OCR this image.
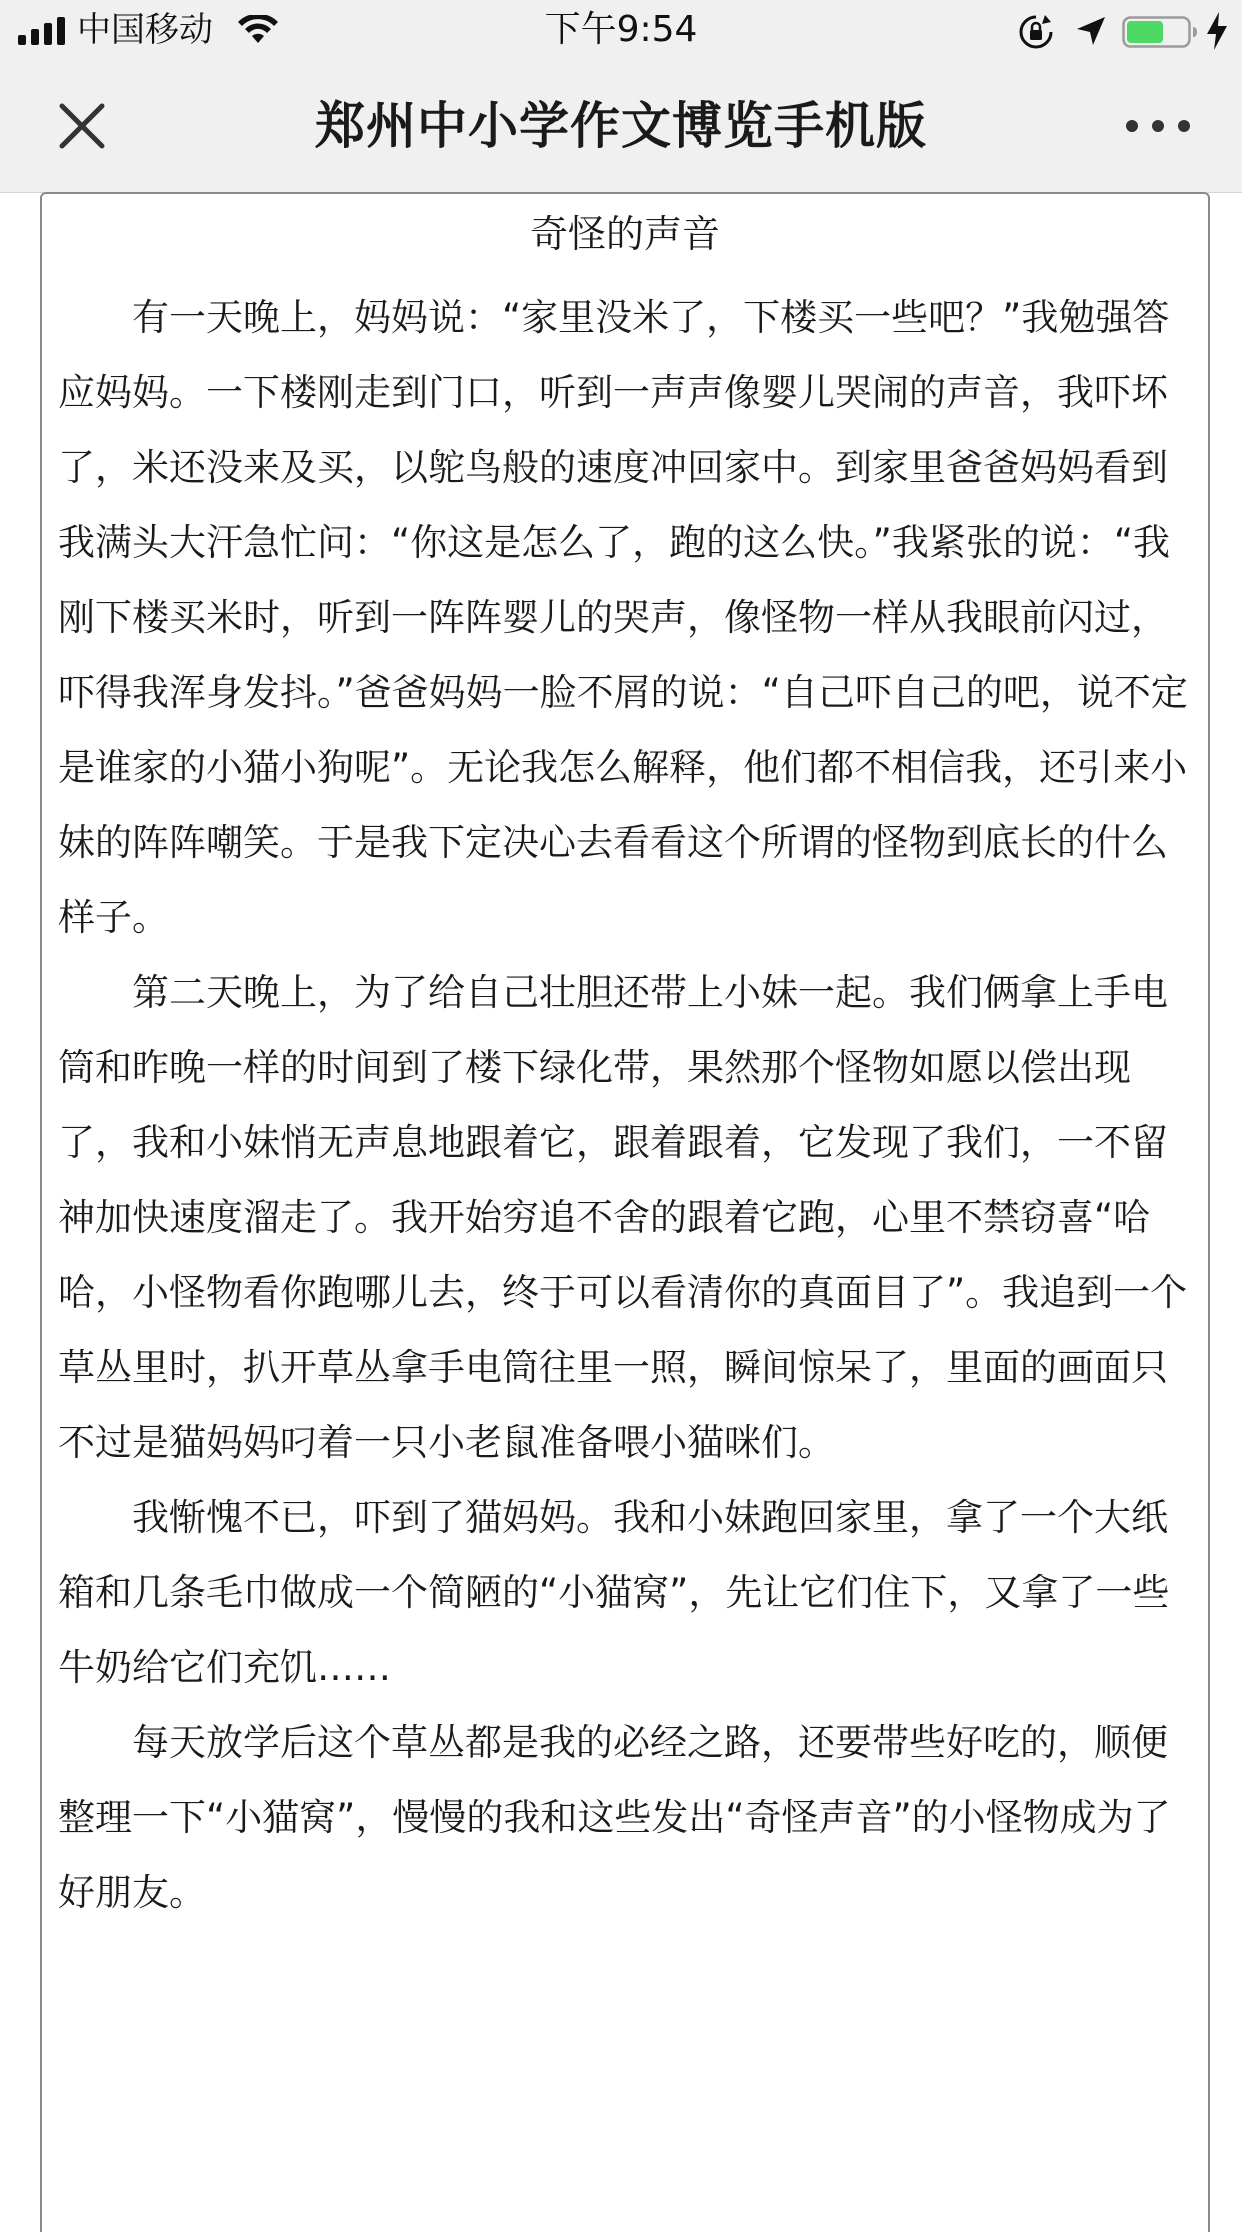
中国移动	下午9:54
郑州中小学作文博览手机版
奇怪的声音

有一天晚上，妈妈说：“家里没米了，下楼买一些吧？”我勉强答应妈妈。一下楼刚走到门口，听到一声声像婴儿哭闹的声音，我吓坏了，米还没来及买，以鸵鸟般的速度冲回家中。到家里爸爸妈妈看到我满头大汗急忙问：“你这是怎么了，跑的这么快。”我紧张的说：“我刚下楼买米时，听到一阵阵婴儿的哭声，像怪物一样从我眼前闪过，吓得我浑身发抖。”爸爸妈妈一脸不屑的说：“自己吓自己的吧，说不定是谁家的小猫小狗呢”。无论我怎么解释，他们都不相信我，还引来小妹的阵阵嘲笑。于是我下定决心去看看这个所谓的怪物到底长的什么样子。

第二天晚上，为了给自己壮胆还带上小妹一起。我们俩拿上手电筒和昨晚一样的时间到了楼下绿化带，果然那个怪物如愿以偿出现了，我和小妹悄无声息地跟着它，跟着跟着，它发现了我们，一不留神加快速度溜走了。我开始穷追不舍的跟着它跑，心里不禁窃喜“哈哈，小怪物看你跑哪儿去，终于可以看清你的真面目了”。我追到一个草丛里时，扒开草丛拿手电筒往里一照，瞬间惊呆了，里面的画面只不过是猫妈妈叼着一只小老鼠准备喂小猫咪们。

我惭愧不已，吓到了猫妈妈。我和小妹跑回家里，拿了一个大纸箱和几条毛巾做成一个简陋的“小猫窝”，先让它们住下，又拿了一些牛奶给它们充饥……

每天放学后这个草丛都是我的必经之路，还要带些好吃的，顺便整理一下“小猫窝”，慢慢的我和这些发出“奇怪声音”的小怪物成为了好朋友。
